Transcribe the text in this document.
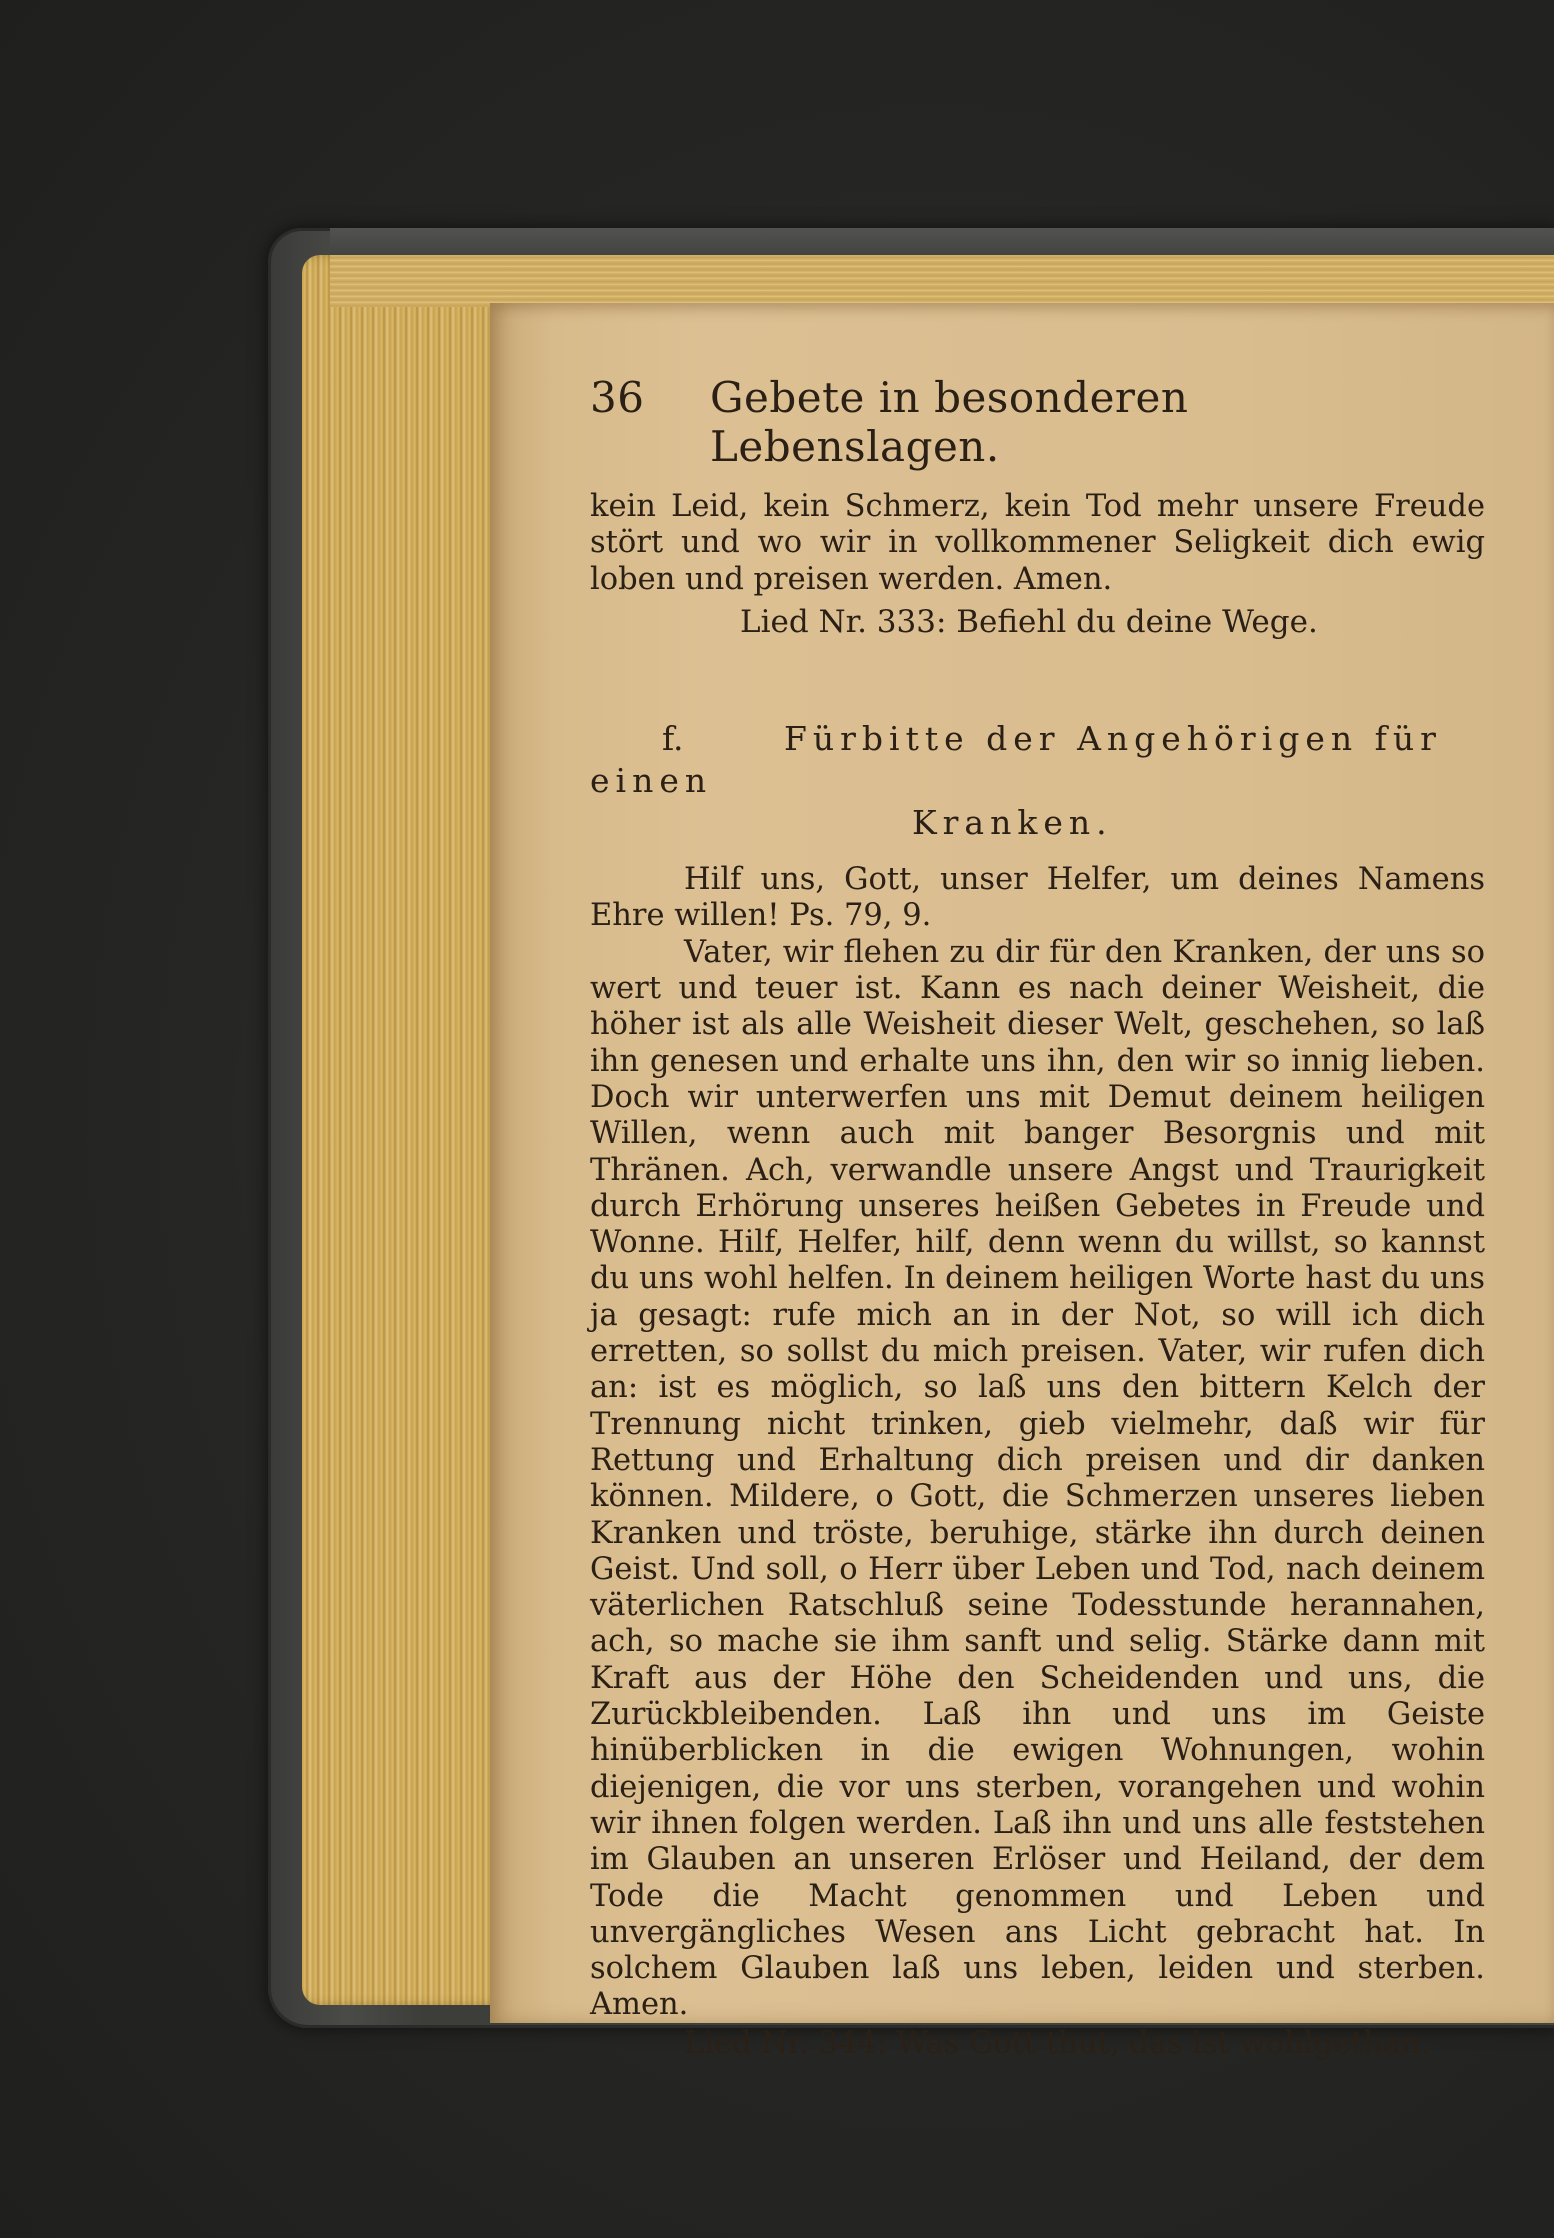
36	Gebete in besonderen Lebenslagen.

kein Leid, kein Schmerz, kein Tod mehr unsere Freude stört und wo wir in vollkommener Seligkeit dich ewig loben und preisen werden. Amen.

Lied Nr. 333: Befiehl du deine Wege.

f.	Fürbitte der Angehörigen für einen
Kranken.

Hilf uns, Gott, unser Helfer, um deines Namens Ehre willen! Ps. 79, 9.

Vater, wir flehen zu dir für den Kranken, der uns so wert und teuer ist. Kann es nach deiner Weisheit, die höher ist als alle Weisheit dieser Welt, geschehen, so laß ihn genesen und erhalte uns ihn, den wir so innig lieben. Doch wir unterwerfen uns mit Demut deinem heiligen Willen, wenn auch mit banger Besorgnis und mit Thränen. Ach, verwandle unsere Angst und Traurigkeit durch Erhörung unseres heißen Gebetes in Freude und Wonne. Hilf, Helfer, hilf, denn wenn du willst, so kannst du uns wohl helfen. In deinem heiligen Worte hast du uns ja gesagt: rufe mich an in der Not, so will ich dich erretten, so sollst du mich preisen. Vater, wir rufen dich an: ist es möglich, so laß uns den bittern Kelch der Trennung nicht trinken, gieb vielmehr, daß wir für Rettung und Erhaltung dich preisen und dir danken können. Mildere, o Gott, die Schmerzen unseres lieben Kranken und tröste, beruhige, stärke ihn durch deinen Geist. Und soll, o Herr über Leben und Tod, nach deinem väterlichen Ratschluß seine Todesstunde herannahen, ach, so mache sie ihm sanft und selig. Stärke dann mit Kraft aus der Höhe den Scheidenden und uns, die Zurückbleibenden. Laß ihn und uns im Geiste hinüberblicken in die ewigen Wohnungen, wohin diejenigen, die vor uns sterben, vorangehen und wohin wir ihnen folgen werden. Laß ihn und uns alle feststehen im Glauben an unseren Erlöser und Heiland, der dem Tode die Macht genommen und Leben und unvergängliches Wesen ans Licht gebracht hat. In solchem Glauben laß uns leben, leiden und sterben. Amen.

Lied Nr. 344: Was Gott thut, das ist wohlgethan.
